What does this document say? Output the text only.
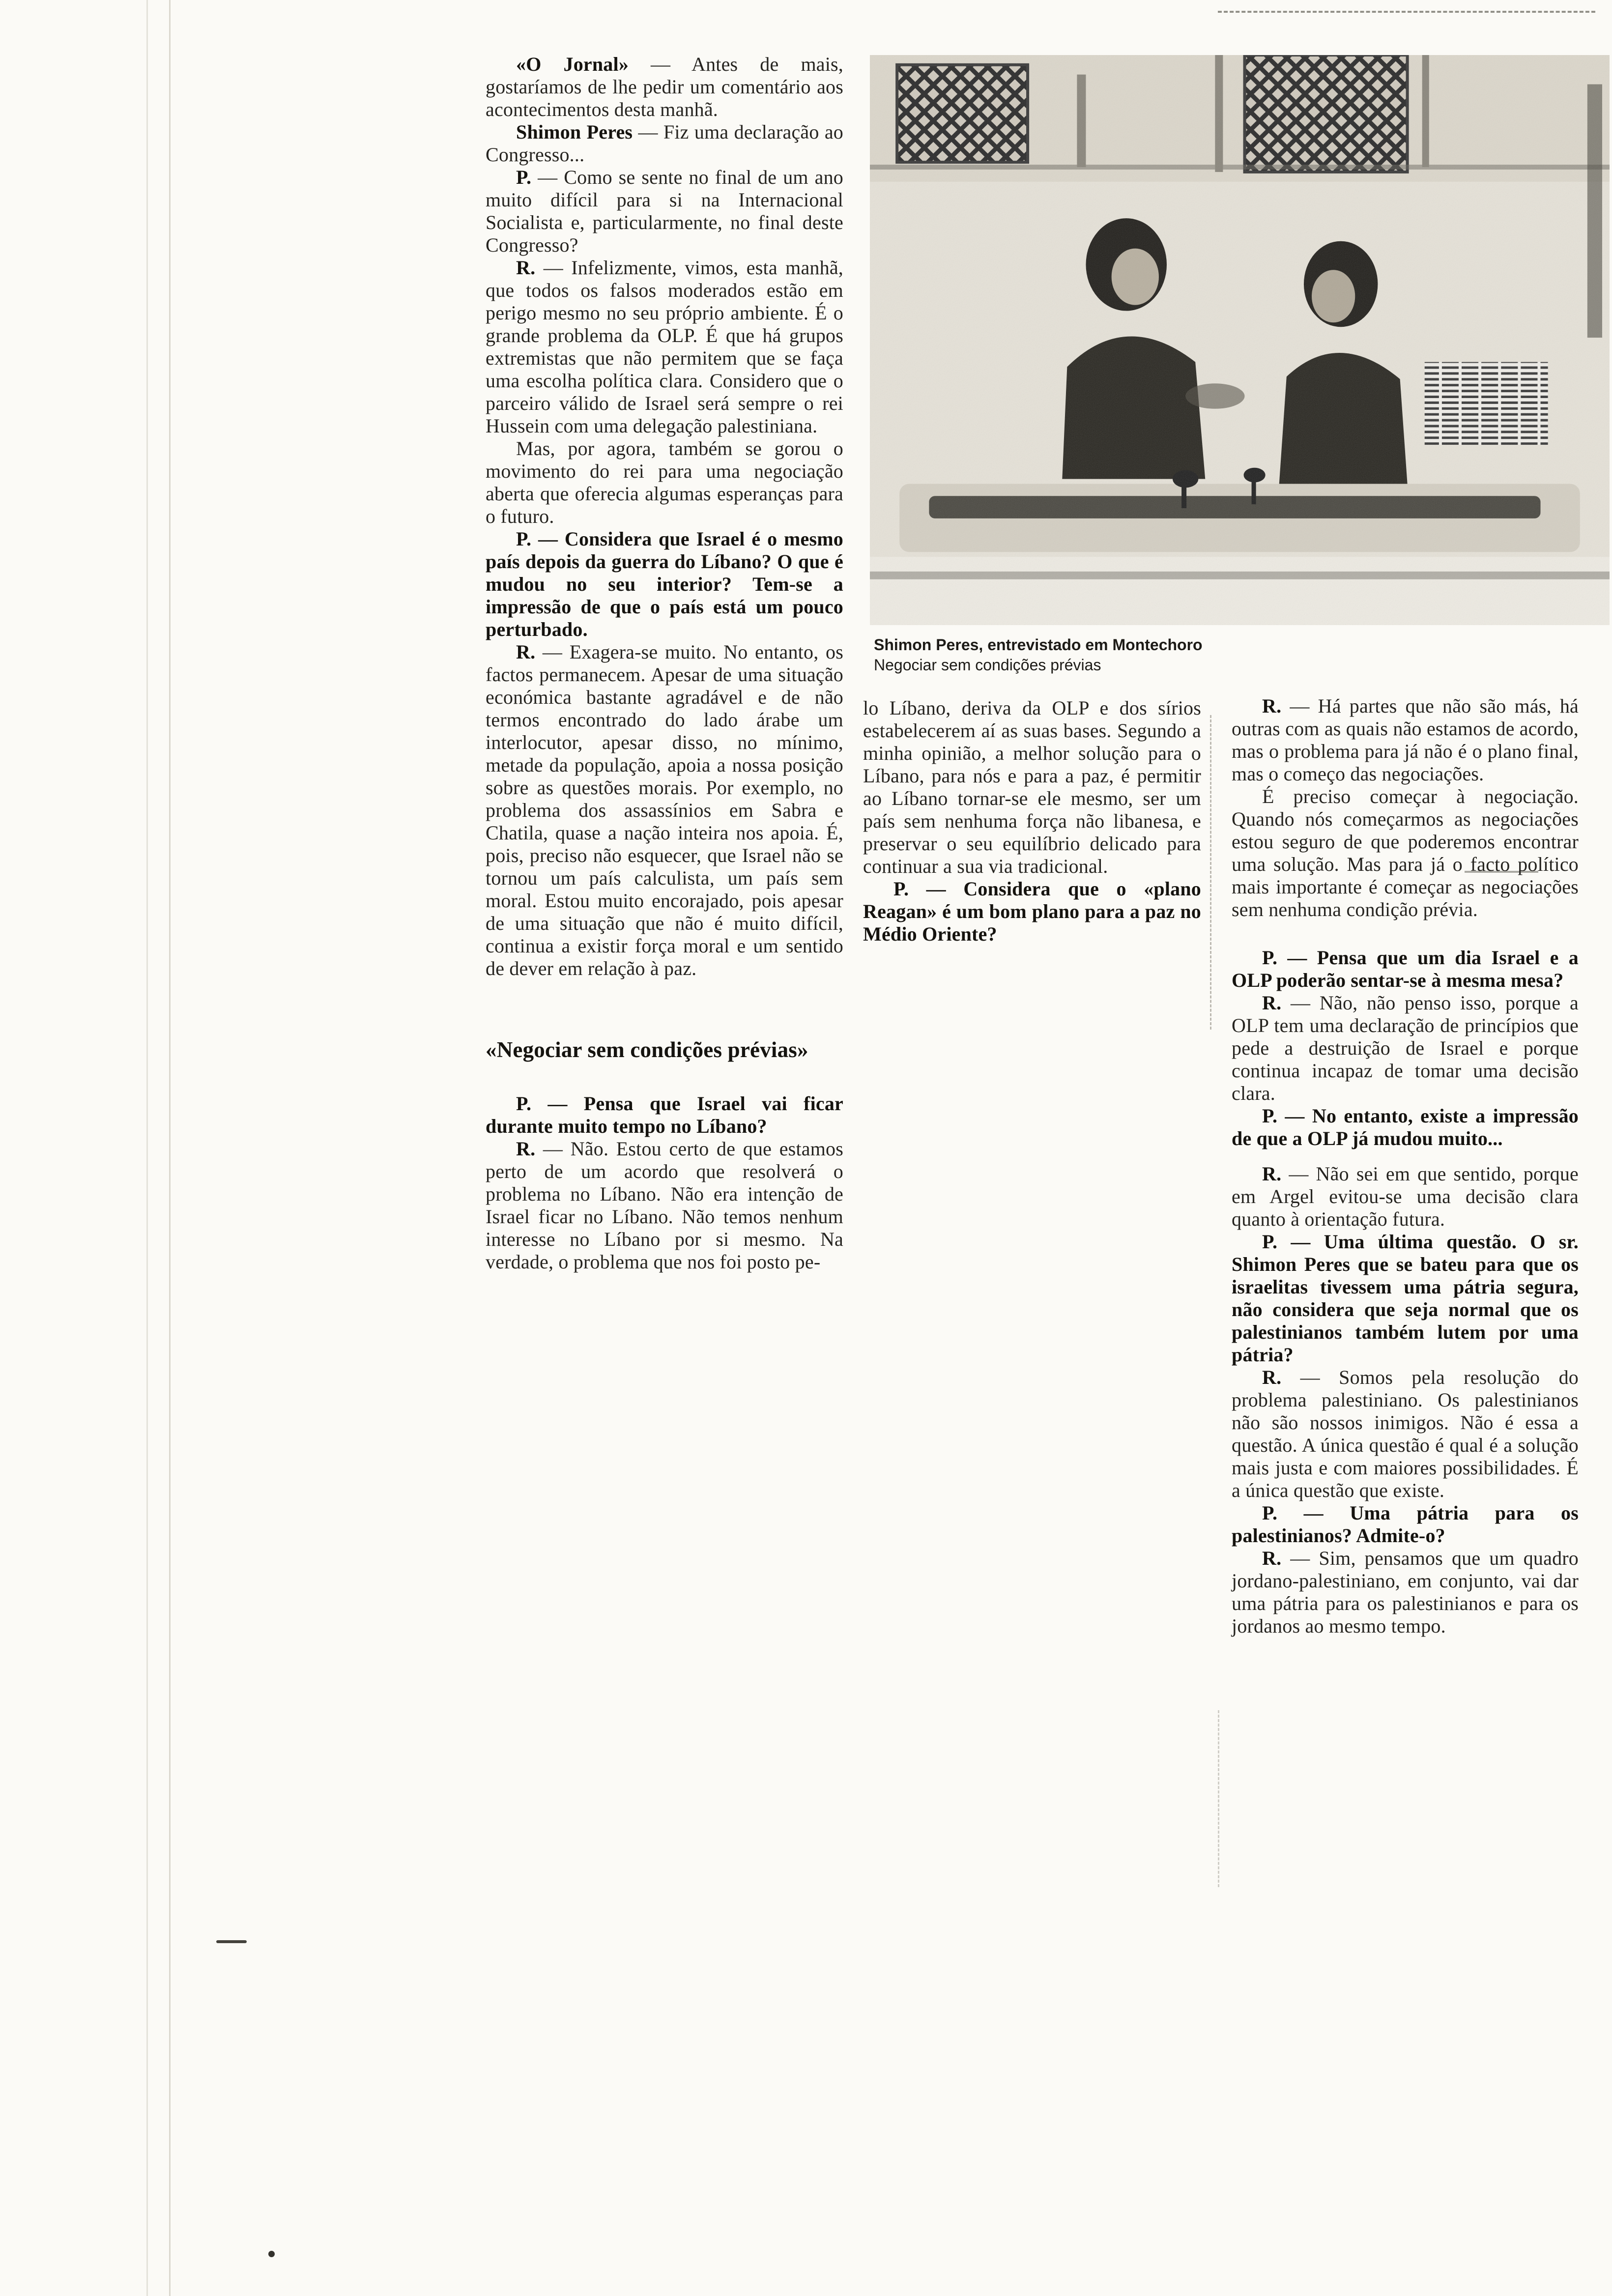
Shimon Peres, entrevistado em Montechoro
Negociar sem condições prévias

«O Jornal» — Antes de mais, gostaríamos de lhe pedir um comentário aos acontecimentos desta manhã.

Shimon Peres — Fiz uma declaração ao Congresso...

P. — Como se sente no final de um ano muito difícil para si na Internacional Socialista e, particularmente, no final deste Congresso?

R. — Infelizmente, vimos, esta manhã, que todos os falsos moderados estão em perigo mesmo no seu próprio ambiente. É o grande problema da OLP. É que há grupos extremistas que não permitem que se faça uma escolha política clara. Considero que o parceiro válido de Israel será sempre o rei Hussein com uma delegação palestiniana.

Mas, por agora, também se gorou o movimento do rei para uma negociação aberta que oferecia algumas esperanças para o futuro.

P. — Considera que Israel é o mesmo país depois da guerra do Líbano? O que é mudou no seu interior? Tem-se a impressão de que o país está um pouco perturbado.

R. — Exagera-se muito. No entanto, os factos permanecem. Apesar de uma situação económica bastante agradável e de não termos encontrado do lado árabe um interlocutor, apesar disso, no mínimo, metade da população, apoia a nossa posição sobre as questões morais. Por exemplo, no problema dos assassínios em Sabra e Chatila, quase a nação inteira nos apoia. É, pois, preciso não esquecer, que Israel não se tornou um país calculista, um país sem moral. Estou muito encorajado, pois apesar de uma situação que não é muito difícil, continua a existir força moral e um sentido de dever em relação à paz.

«Negociar sem condições prévias»

P. — Pensa que Israel vai ficar durante muito tempo no Líbano?

R. — Não. Estou certo de que estamos perto de um acordo que resolverá o problema no Líbano. Não era intenção de Israel ficar no Líbano. Não temos nenhum interesse no Líbano por si mesmo. Na verdade, o problema que nos foi posto pe-

lo Líbano, deriva da OLP e dos sírios estabelecerem aí as suas bases. Segundo a minha opinião, a melhor solução para o Líbano, para nós e para a paz, é permitir ao Líbano tornar-se ele mesmo, ser um país sem nenhuma força não libanesa, e preservar o seu equilíbrio delicado para continuar a sua via tradicional.

P. — Considera que o «plano Reagan» é um bom plano para a paz no Médio Oriente?

R. — Há partes que não são más, há outras com as quais não estamos de acordo, mas o problema para já não é o plano final, mas o começo das negociações.

É preciso começar à negociação. Quando nós começarmos as negociações estou seguro de que poderemos encontrar uma solução. Mas para já o facto político mais importante é começar as negociações sem nenhuma condição prévia.

P. — Pensa que um dia Israel e a OLP poderão sentar-se à mesma mesa?

R. — Não, não penso isso, porque a OLP tem uma declaração de princípios que pede a destruição de Israel e porque continua incapaz de tomar uma decisão clara.

P. — No entanto, existe a impressão de que a OLP já mudou muito...

R. — Não sei em que sentido, porque em Argel evitou-se uma decisão clara quanto à orientação futura.

P. — Uma última questão. O sr. Shimon Peres que se bateu para que os israelitas tivessem uma pátria segura, não considera que seja normal que os palestinianos também lutem por uma pátria?

R. — Somos pela resolução do problema palestiniano. Os palestinianos não são nossos inimigos. Não é essa a questão. A única questão é qual é a solução mais justa e com maiores possibilidades. É a única questão que existe.

P. — Uma pátria para os palestinianos? Admite-o?

R. — Sim, pensamos que um quadro jordano-palestiniano, em conjunto, vai dar uma pátria para os palestinianos e para os jordanos ao mesmo tempo.
